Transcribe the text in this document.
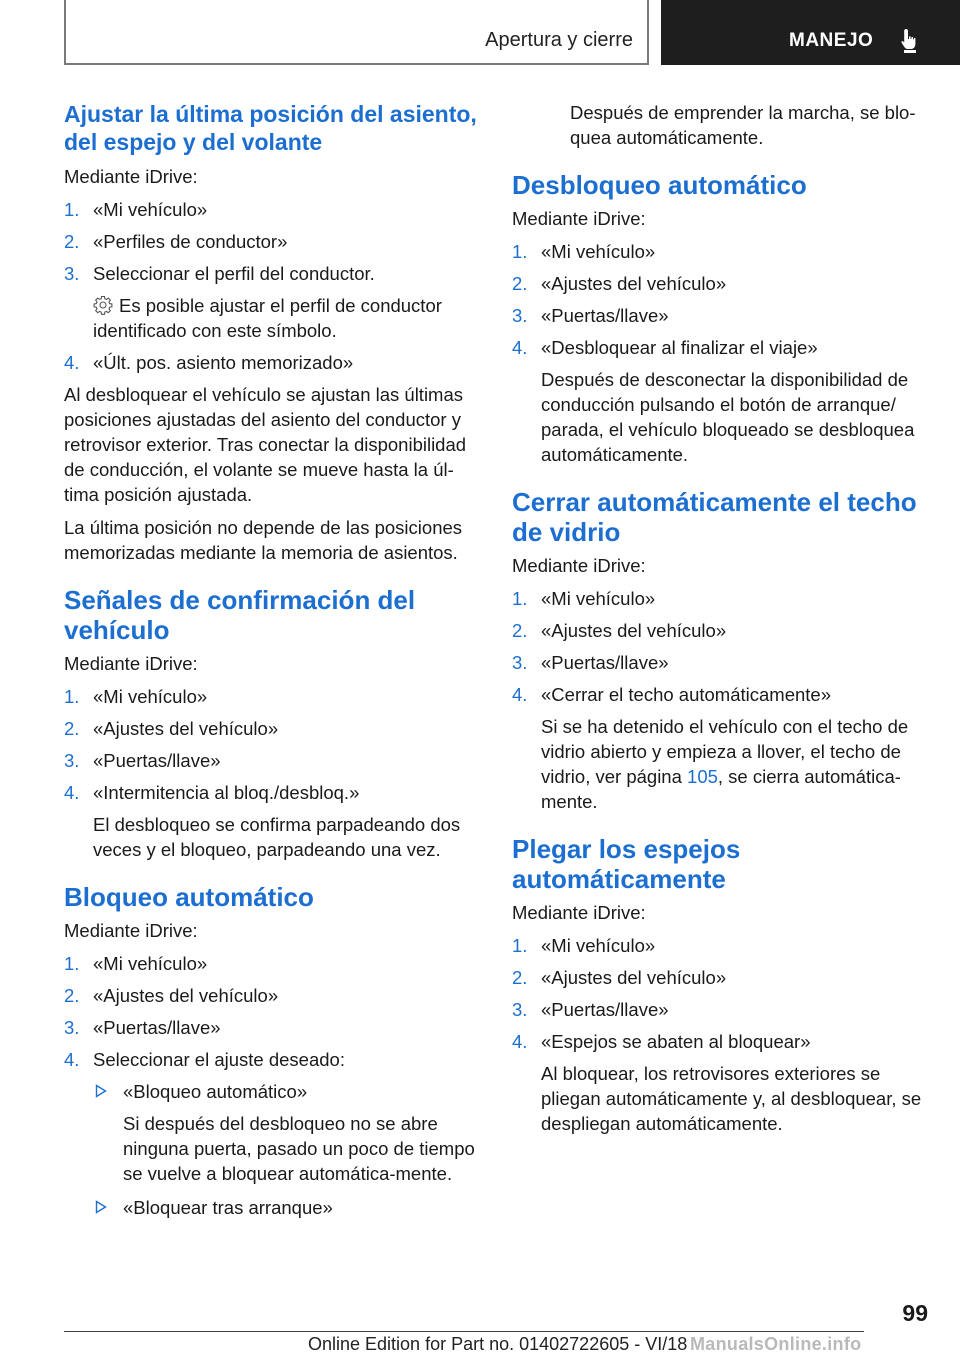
Apertura y cierre	MANEJO
Ajustar la última posición del asiento, del espejo y del volante

Mediante iDrive:

1. «Mi vehículo»
2. «Perfiles de conductor»
3. Seleccionar el perfil del conductor.
Es posible ajustar el perfil de conductor identificado con este símbolo.
4. «Últ. pos. asiento memorizado»

Al desbloquear el vehículo se ajustan las últimas posiciones ajustadas del asiento del conductor y retrovisor exterior. Tras conectar la disponibilidad de conducción, el volante se mueve hasta la úl-tima posición ajustada.

La última posición no depende de las posiciones memorizadas mediante la memoria de asientos.

Señales de confirmación del vehículo

Mediante iDrive:

1. «Mi vehículo»
2. «Ajustes del vehículo»
3. «Puertas/llave»
4. «Intermitencia al bloq./desbloq.»
El desbloqueo se confirma parpadeando dos veces y el bloqueo, parpadeando una vez.
Bloqueo automático

Mediante iDrive:

1. «Mi vehículo»
2. «Ajustes del vehículo»
3. «Puertas/llave»
4. Seleccionar el ajuste deseado:
«Bloqueo automático»
Si después del desbloqueo no se abre ninguna puerta, pasado un poco de tiempo se vuelve a bloquear automática-mente.
«Bloquear tras arranque»

Después de emprender la marcha, se blo-quea automáticamente.

Desbloqueo automático

Mediante iDrive:

1. «Mi vehículo»
2. «Ajustes del vehículo»
3. «Puertas/llave»
4. «Desbloquear al finalizar el viaje»
Después de desconectar la disponibilidad de conducción pulsando el botón de arranque/ parada, el vehículo bloqueado se desbloquea automáticamente.
Cerrar automáticamente el techo de vidrio

Mediante iDrive:

1. «Mi vehículo»
2. «Ajustes del vehículo»
3. «Puertas/llave»
4. «Cerrar el techo automáticamente»
Si se ha detenido el vehículo con el techo de vidrio abierto y empieza a llover, el techo de vidrio, ver página 105, se cierra automática-mente.
Plegar los espejos automáticamente

Mediante iDrive:

1. «Mi vehículo»
2. «Ajustes del vehículo»
3. «Puertas/llave»
4. «Espejos se abaten al bloquear»
Al bloquear, los retrovisores exteriores se pliegan automáticamente y, al desbloquear, se despliegan automáticamente.
99
Online Edition for Part no. 01402722605 - VI/18 ManualsOnline.info
